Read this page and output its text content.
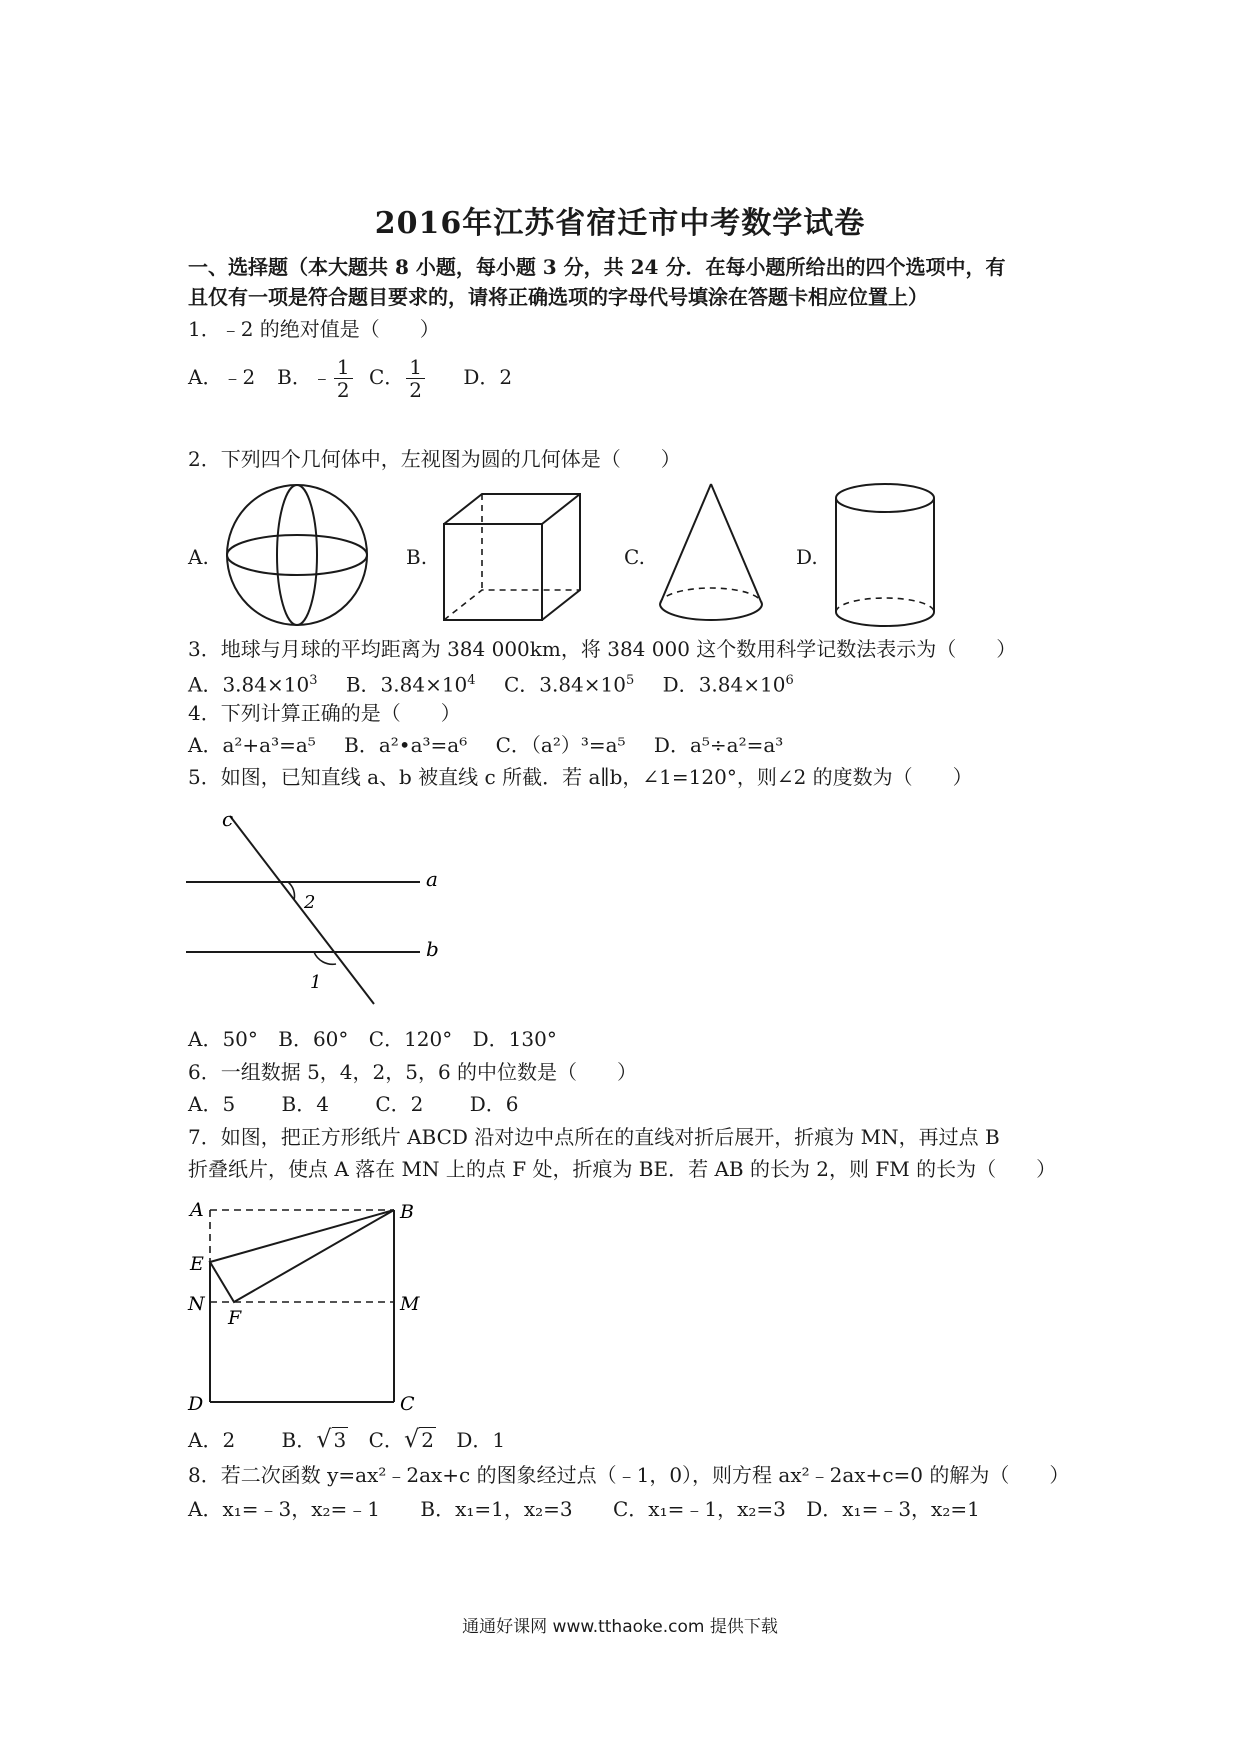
2016年江苏省宿迁市中考数学试卷
一、选择题（本大题共 8 小题，每小题 3 分，共 24 分．在每小题所给出的四个选项中，有
且仅有一项是符合题目要求的，请将正确选项的字母代号填涂在答题卡相应位置上）
1．﹣2 的绝对值是（　　）
A．﹣2 B．﹣ $\frac{1}{2}$ C． $\frac{1}{2}$ D．2
2．下列四个几何体中，左视图为圆的几何体是（　　）
A.	B.	C.	D.
3．地球与月球的平均距离为 384 000km，将 384 000 这个数用科学记数法表示为（　　）
A．$3.84\times 10^3$ B．$3.84\times 10^4$ C．$3.84\times 10^5$ D．$3.84\times 10^6$
4．下列计算正确的是（　　）
A．a²+a³=a⁵ B．a²•a³=a⁶ C．（a²）³=a⁵ D．a⁵÷a²=a³
5．如图，已知直线 a、b 被直线 c 所截．若 a∥b，∠1=120°，则∠2 的度数为（　　）
c
a
b
2
1
A．50° B．60° C．120° D．130°
6．一组数据 5，4，2，5，6 的中位数是（　　）
A．5 B．4 C．2 D．6
7．如图，把正方形纸片 ABCD 沿对边中点所在的直线对折后展开，折痕为 MN，再过点 B
折叠纸片，使点 A 落在 MN 上的点 F 处，折痕为 BE．若 AB 的长为 2，则 FM 的长为（　　）
A	B
E
N	M
F
D	C
A．2 B．√ 3 C．√ 2 D．1
8．若二次函数 y=ax²﹣2ax+c 的图象经过点（﹣1，0），则方程 ax²﹣2ax+c=0 的解为（　　）
A．x₁=﹣3，x₂=﹣1 B．x₁=1，x₂=3 C．x₁=﹣1，x₂=3 D．x₁=﹣3，x₂=1
通通好课网 www.tthaoke.com 提供下载
